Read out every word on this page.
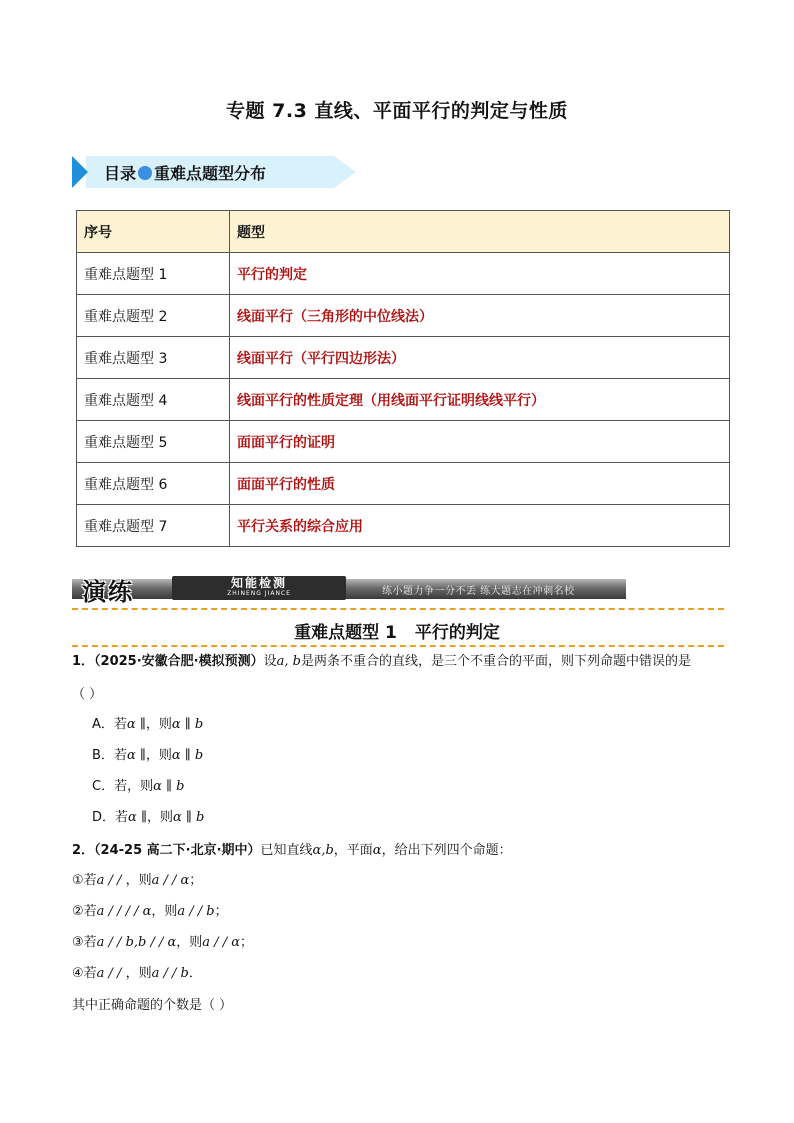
专题 7.3 直线、平面平行的判定与性质
目录 重难点题型分布
序号	题型
重难点题型 1	平行的判定
重难点题型 2	线面平行（三角形的中位线法）
重难点题型 3	线面平行（平行四边形法）
重难点题型 4	线面平行的性质定理（用线面平行证明线线平行）
重难点题型 5	面面平行的证明
重难点题型 6	面面平行的性质
重难点题型 7	平行关系的综合应用
演练	知能检测
ZHINENG JIANCE	练小题力争一分不丢 练大题志在冲刺名校
重难点题型 1 平行的判定
1．（2025·安徽合肥·模拟预测）设a, b是两条不重合的直线，是三个不重合的平面，则下列命题中错误的是
（ ）
A．若α ∥，则α ∥ b
B．若α ∥，则α ∥ b
C．若，则α ∥ b
D．若α ∥，则α ∥ b
2．（24-25 高二下·北京·期中）已知直线α,b，平面α，给出下列四个命题：
①若a / / ，则a / / α；
②若a / / / / α，则a / / b；
③若a / / b,b / / α，则a / / α；
④若a / / ，则a / / b．
其中正确命题的个数是（ ）
